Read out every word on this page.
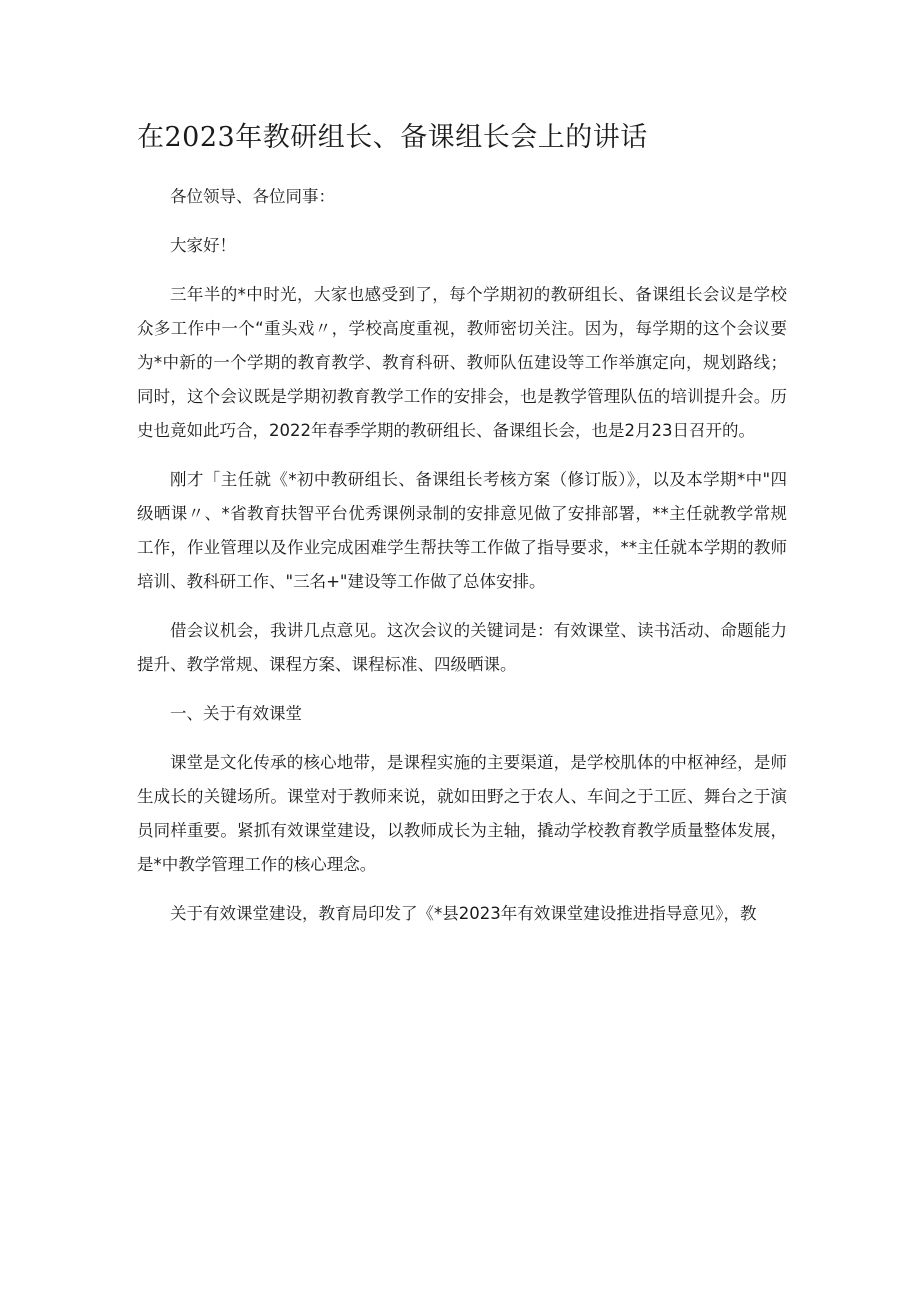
在2023年教研组长、备课组长会上的讲话

各位领导、各位同事：

大家好！

三年半的*中时光，大家也感受到了，每个学期初的教研组长、备课组长会议是学校众多工作中一个“重头戏〃，学校高度重视，教师密切关注。因为，每学期的这个会议要为*中新的一个学期的教育教学、教育科研、教师队伍建设等工作举旗定向，规划路线；同时，这个会议既是学期初教育教学工作的安排会，也是教学管理队伍的培训提升会。历史也竟如此巧合，2022年春季学期的教研组长、备课组长会，也是2月23日召开的。

刚才「主任就《*初中教研组长、备课组长考核方案（修订版）》，以及本学期*中"四级晒课〃、*省教育扶智平台优秀课例录制的安排意见做了安排部署，**主任就教学常规工作，作业管理以及作业完成困难学生帮扶等工作做了指导要求，**主任就本学期的教师培训、教科研工作、"三名+"建设等工作做了总体安排。

借会议机会，我讲几点意见。这次会议的关键词是：有效课堂、读书活动、命题能力提升、教学常规、课程方案、课程标准、四级晒课。

一、关于有效课堂

课堂是文化传承的核心地带，是课程实施的主要渠道，是学校肌体的中枢神经，是师生成长的关键场所。课堂对于教师来说，就如田野之于农人、车间之于工匠、舞台之于演员同样重要。紧抓有效课堂建设，以教师成长为主轴，撬动学校教育教学质量整体发展，是*中教学管理工作的核心理念。

关于有效课堂建设，教育局印发了《*县2023年有效课堂建设推进指导意见》，教
